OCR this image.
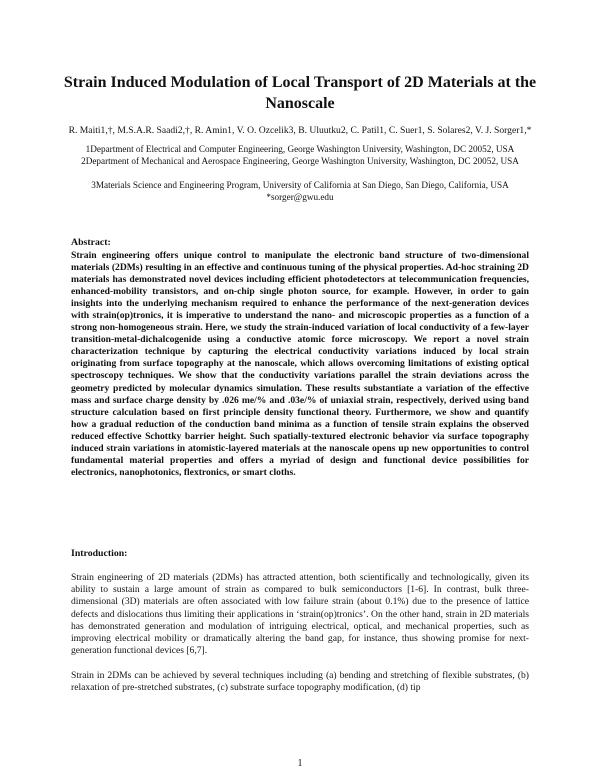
Strain Induced Modulation of Local Transport of 2D Materials at the Nanoscale
R. Maiti1,†, M.S.A.R. Saadi2,†, R. Amin1, V. O. Ozcelik3, B. Uluutku2, C. Patil1, C. Suer1, S. Solares2, V. J. Sorger1,*
1Department of Electrical and Computer Engineering, George Washington University, Washington, DC 20052, USA
2Department of Mechanical and Aerospace Engineering, George Washington University, Washington, DC 20052, USA
3Materials Science and Engineering Program, University of California at San Diego, San Diego, California, USA
*sorger@gwu.edu
Abstract:
Strain engineering offers unique control to manipulate the electronic band structure of two-dimensional materials (2DMs) resulting in an effective and continuous tuning of the physical properties. Ad-hoc straining 2D materials has demonstrated novel devices including efficient photodetectors at telecommunication frequencies, enhanced-mobility transistors, and on-chip single photon source, for example. However, in order to gain insights into the underlying mechanism required to enhance the performance of the next-generation devices with strain(op)tronics, it is imperative to understand the nano- and microscopic properties as a function of a strong non-homogeneous strain. Here, we study the strain-induced variation of local conductivity of a few-layer transition-metal-dichalcogenide using a conductive atomic force microscopy. We report a novel strain characterization technique by capturing the electrical conductivity variations induced by local strain originating from surface topography at the nanoscale, which allows overcoming limitations of existing optical spectroscopy techniques. We show that the conductivity variations parallel the strain deviations across the geometry predicted by molecular dynamics simulation. These results substantiate a variation of the effective mass and surface charge density by .026 me/% and .03e/% of uniaxial strain, respectively, derived using band structure calculation based on first principle density functional theory. Furthermore, we show and quantify how a gradual reduction of the conduction band minima as a function of tensile strain explains the observed reduced effective Schottky barrier height. Such spatially-textured electronic behavior via surface topography induced strain variations in atomistic-layered materials at the nanoscale opens up new opportunities to control fundamental material properties and offers a myriad of design and functional device possibilities for electronics, nanophotonics, flextronics, or smart cloths.
Introduction:
Strain engineering of 2D materials (2DMs) has attracted attention, both scientifically and technologically, given its ability to sustain a large amount of strain as compared to bulk semiconductors [1-6]. In contrast, bulk three-dimensional (3D) materials are often associated with low failure strain (about 0.1%) due to the presence of lattice defects and dislocations thus limiting their applications in ‘strain(op)tronics’. On the other hand, strain in 2D materials has demonstrated generation and modulation of intriguing electrical, optical, and mechanical properties, such as improving electrical mobility or dramatically altering the band gap, for instance, thus showing promise for next-generation functional devices [6,7].
Strain in 2DMs can be achieved by several techniques including (a) bending and stretching of flexible substrates, (b) relaxation of pre-stretched substrates, (c) substrate surface topography modification, (d) tip
1
